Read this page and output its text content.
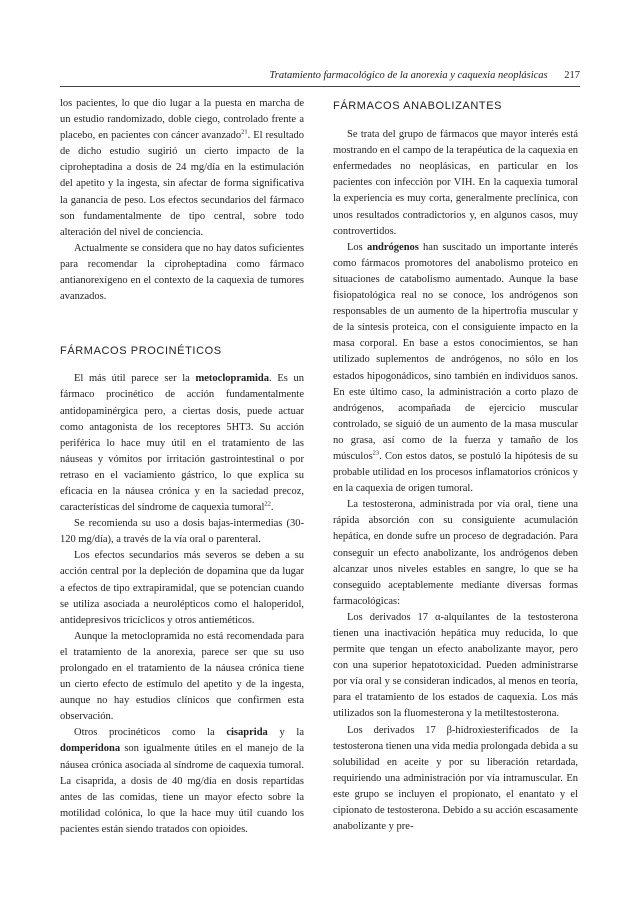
Tratamiento farmacológico de la anorexia y caquexia neoplásicas 217

los pacientes, lo que dio lugar a la puesta en marcha de un estudio randomizado, doble ciego, controlado frente a placebo, en pacientes con cáncer avanzado$^{21}$. El resultado de dicho estudio sugirió un cierto impacto de la ciproheptadina a dosis de 24 mg/día en la estimulación del apetito y la ingesta, sin afectar de forma significativa la ganancia de peso. Los efectos secundarios del fármaco son fundamentalmente de tipo central, sobre todo alteración del nivel de conciencia.

Actualmente se considera que no hay datos suficientes para recomendar la ciproheptadina como fármaco antianorexígeno en el contexto de la caquexia de tumores avanzados.

FÁRMACOS PROCINÉTICOS

El más útil parece ser la metoclopramida. Es un fármaco procinético de acción fundamentalmente antidopaminérgica pero, a ciertas dosis, puede actuar como antagonista de los receptores 5HT3. Su acción periférica lo hace muy útil en el tratamiento de las náuseas y vómitos por irritación gastrointestinal o por retraso en el vaciamiento gástrico, lo que explica su eficacia en la náusea crónica y en la saciedad precoz, características del síndrome de caquexia tumoral$^{22}$.

Se recomienda su uso a dosis bajas-intermedias (30-120 mg/día), a través de la vía oral o parenteral.

Los efectos secundarios más severos se deben a su acción central por la depleción de dopamina que da lugar a efectos de tipo extrapiramidal, que se potencian cuando se utiliza asociada a neurolépticos como el haloperidol, antidepresivos tricíclicos y otros antieméticos.

Aunque la metoclopramida no está recomendada para el tratamiento de la anorexia, parece ser que su uso prolongado en el tratamiento de la náusea crónica tiene un cierto efecto de estímulo del apetito y de la ingesta, aunque no hay estudios clínicos que confirmen esta observación.

Otros procinéticos como la cisaprida y la domperidona son igualmente útiles en el manejo de la náusea crónica asociada al síndrome de caquexia tumoral. La cisaprida, a dosis de 40 mg/día en dosis repartidas antes de las comidas, tiene un mayor efecto sobre la motilidad colónica, lo que la hace muy útil cuando los pacientes están siendo tratados con opioides.

FÁRMACOS ANABOLIZANTES

Se trata del grupo de fármacos que mayor interés está mostrando en el campo de la terapéutica de la caquexia en enfermedades no neoplásicas, en particular en los pacientes con infección por VIH. En la caquexia tumoral la experiencia es muy corta, generalmente preclínica, con unos resultados contradictorios y, en algunos casos, muy controvertidos.

Los andrógenos han suscitado un importante interés como fármacos promotores del anabolismo proteico en situaciones de catabolismo aumentado. Aunque la base fisiopatológica real no se conoce, los andrógenos son responsables de un aumento de la hipertrofia muscular y de la síntesis proteica, con el consiguiente impacto en la masa corporal. En base a estos conocimientos, se han utilizado suplementos de andrógenos, no sólo en los estados hipogonádicos, sino también en individuos sanos. En este último caso, la administración a corto plazo de andrógenos, acompañada de ejercicio muscular controlado, se siguió de un aumento de la masa muscular no grasa, así como de la fuerza y tamaño de los músculos$^{23}$. Con estos datos, se postuló la hipótesis de su probable utilidad en los procesos inflamatorios crónicos y en la caquexia de origen tumoral.

La testosterona, administrada por vía oral, tiene una rápida absorción con su consiguiente acumulación hepática, en donde sufre un proceso de degradación. Para conseguir un efecto anabolizante, los andrógenos deben alcanzar unos niveles estables en sangre, lo que se ha conseguido aceptablemente mediante diversas formas farmacológicas:

Los derivados 17 α-alquilantes de la testosterona tienen una inactivación hepática muy reducida, lo que permite que tengan un efecto anabolizante mayor, pero con una superior hepatotoxicidad. Pueden administrarse por vía oral y se consideran indicados, al menos en teoría, para el tratamiento de los estados de caquexia. Los más utilizados son la fluomesterona y la metiltestosterona.

Los derivados 17 β-hidroxiesterificados de la testosterona tienen una vida media prolongada debida a su solubilidad en aceite y por su liberación retardada, requiriendo una administración por vía intramuscular. En este grupo se incluyen el propionato, el enantato y el cipionato de testosterona. Debido a su acción escasamente anabolizante y pre-
